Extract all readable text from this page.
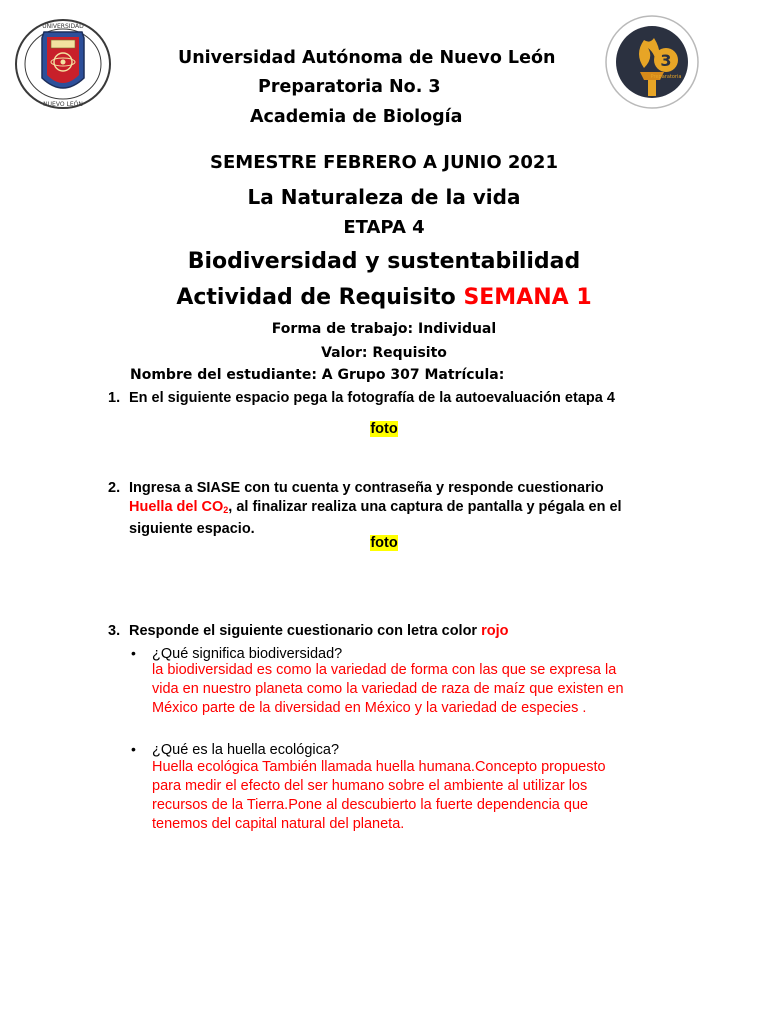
UNIVERSIDAD
NUEVO LEÓN
3
Preparatoria
Universidad Autónoma de Nuevo León
Preparatoria No. 3
Academia de Biología
SEMESTRE FEBRERO A JUNIO 2021
La Naturaleza de la vida
ETAPA 4
Biodiversidad y sustentabilidad
Actividad de Requisito SEMANA 1
Forma de trabajo: Individual
Valor: Requisito
Nombre del estudiante: A Grupo 307 Matrícula:
1. En el siguiente espacio pega la fotografía de la autoevaluación etapa 4
foto
2. Ingresa a SIASE con tu cuenta y contraseña y responde cuestionario
Huella del $CO_2$, al finalizar realiza una captura de pantalla y pégala en el
siguiente espacio.
foto
3. Responde el siguiente cuestionario con letra color rojo
• ¿Qué significa biodiversidad?
la biodiversidad es como la variedad de forma con las que se expresa la
vida en nuestro planeta como la variedad de raza de maíz que existen en
México parte de la diversidad en México y la variedad de especies .
• ¿Qué es la huella ecológica?
Huella ecológica También llamada huella humana.Concepto propuesto
para medir el efecto del ser humano sobre el ambiente al utilizar los
recursos de la Tierra.Pone al descubierto la fuerte dependencia que
tenemos del capital natural del planeta.
